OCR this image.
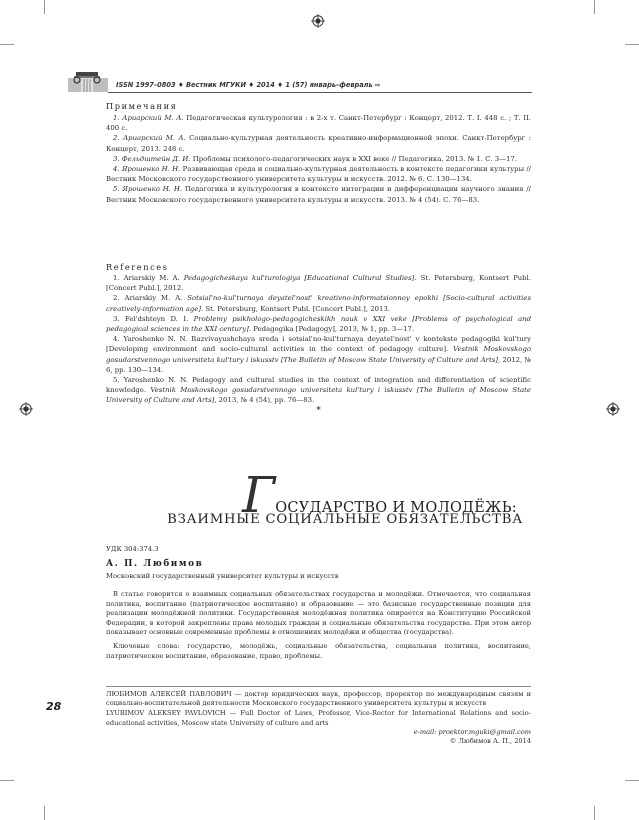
ISSN 1997–0803 ♦ Вестник МГУКИ ♦ 2014 ♦ 1 (57) январь–февраль ⇨
Примечания

1. Ариарский М. А. Педагогическая культурология : в 2-х т. Санкт-Петербург : Концерт, 2012. Т. I. 448 с. ; Т. II. 400 с.

2. Ариарский М. А. Социально-культурная деятельность креативно-информационной эпохи. Санкт-Петербург : Концерт, 2013. 248 с.

3. Фельдштейн Д. И. Проблемы психолого-педагогических наук в XXI веке // Педагогика. 2013. № 1. С. 3—17.

4. Ярошенко Н. Н. Развивающая среда и социально-культурная деятельность в контексте педагогики культуры // Вестник Московского государственного университета культуры и искусств. 2012. № 6. С. 130—134.

5. Ярошенко Н. Н. Педагогика и культурология в контексте интеграции и дифференциации научного знания // Вестник Московского государственного университета культуры и искусств. 2013. № 4 (54). С. 76—83.

References

1. Ariarskiy M. A. Pedagogicheskaya kul'turologiya [Educational Cultural Studies]. St. Petersburg, Kontsert Publ. [Concert Publ.], 2012.

2. Ariarskiy M. A. Sotsial'no-kul'turnaya deyatel'nost' kreativno-informatsionnoy epokhi [Socio-cultural activities creatively-information age]. St. Petersburg, Kontsert Publ. [Concert Publ.], 2013.

3. Fel'dshteyn D. I. Problemy psikhologo-pedagogicheskikh nauk v XXI veke [Problems of psychological and pedagogical sciences in the XXI century]. Pedagogika [Pedagogy], 2013, № 1, pp. 3—17.

4. Yaroshenko N. N. Razvivayushchaya sreda i sotsial'no-kul'turnaya deyatel'nost' v kontekste pedagogiki kul'tury [Developing environment and socio-cultural activities in the context of pedagogy culture]. Vestnik Moskovskogo gosudarstvennogo universiteta kul'tury i iskusstv [The Bulletin of Moscow State University of Culture and Arts], 2012, № 6, pp. 130—134.

5. Yaroshenko N. N. Pedagogy and cultural studies in the context of integration and differentiation of scientific knowledge. Vestnik Moskovskogo gosudarstvennogo universiteta kul'tury i iskusstv [The Bulletin of Moscow State University of Culture and Arts], 2013, № 4 (54), pp. 76—83.

*
ГОСУДАРСТВО И МОЛОДЁЖЬ:
ВЗАИМНЫЕ СОЦИАЛЬНЫЕ ОБЯЗАТЕЛЬСТВА
УДК 304:374.3
А. П. Любимов
Московский государственный университет культуры и искусств

В статье говорится о взаимных социальных обязательствах государства и молодёжи. Отмечается, что социальная политика, воспитание (патриотическое воспитание) и образование — это базисные государственные позиции для реализации молодёжной политики. Государственная молодёжная политика опирается на Конституцию Российской Федерации, в которой закреплены права молодых граждан и социальные обязательства государства. При этом автор показывает основные современные проблемы в отношениях молодёжи и общества (государства).

Ключевые слова: государство, молодёжь, социальные обязательства, социальная политика, воспитание, патриотическое воспитание, образование, право, проблемы.

28

ЛЮБИМОВ АЛЕКСЕЙ ПАВЛОВИЧ — доктор юридических наук, профессор, проректор по международным связям и социально-воспитательной деятельности Московского государственного университета культуры и искусств

LYUBIMOV ALEKSEY PAVLOVICH — Full Doctor of Laws, Professor, Vice-Rector for International Relations and socio-educational activities, Moscow state University of culture and arts

e-mail: proektor.mguki@gmail.com
© Любимов А. П., 2014
